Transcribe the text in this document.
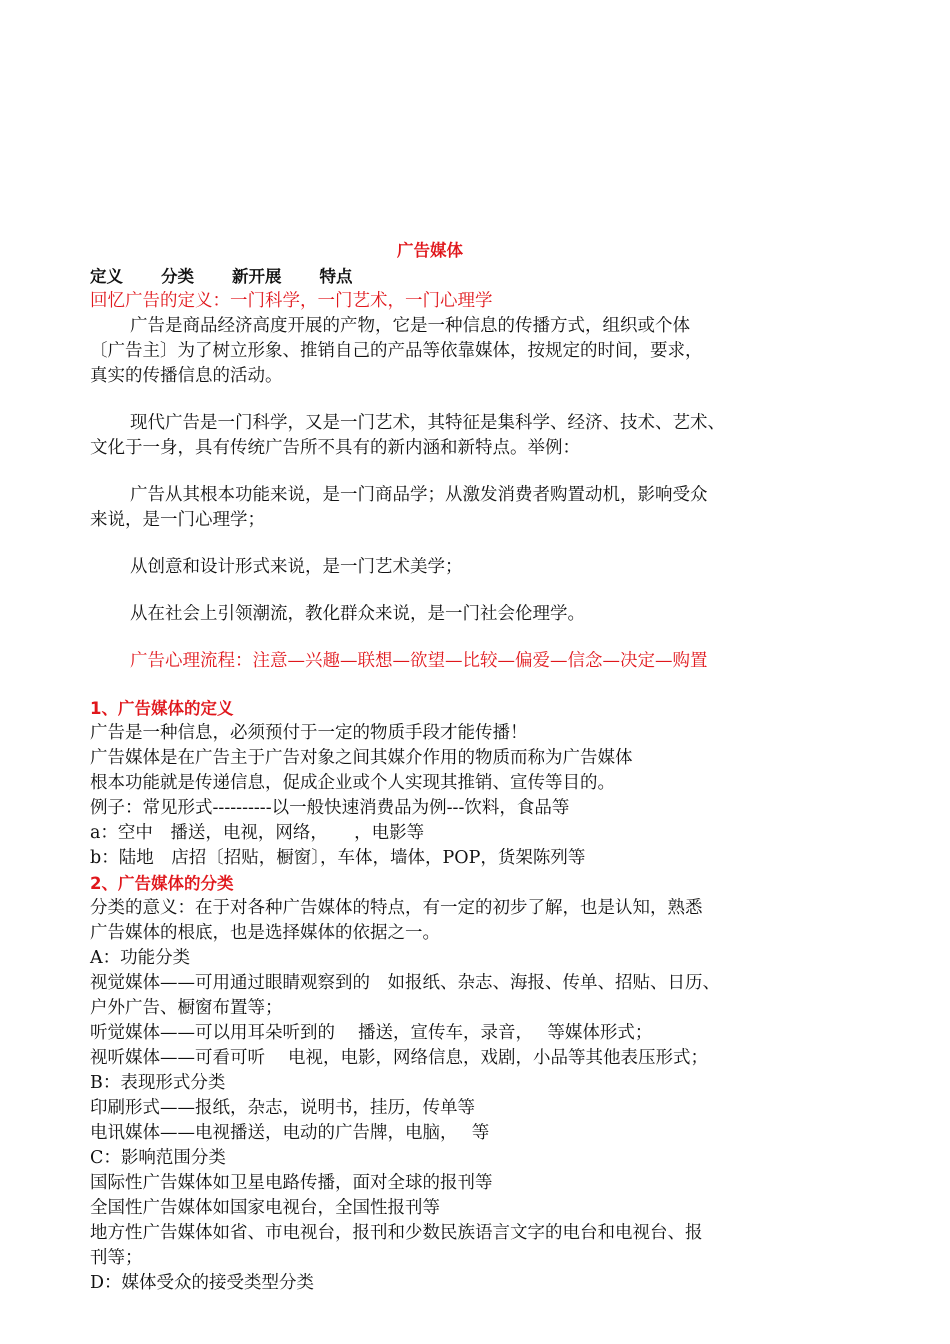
广告媒体
定义 分类 新开展 特点
回忆广告的定义：一门科学，一门艺术，一门心理学
广告是商品经济高度开展的产物，它是一种信息的传播方式，组织或个体
〔广告主〕为了树立形象、推销自己的产品等依靠媒体，按规定的时间，要求，
真实的传播信息的活动。
现代广告是一门科学，又是一门艺术，其特征是集科学、经济、技术、艺术、
文化于一身，具有传统广告所不具有的新内涵和新特点。举例：
广告从其根本功能来说，是一门商品学；从激发消费者购置动机，影响受众
来说，是一门心理学；
从创意和设计形式来说，是一门艺术美学；
从在社会上引领潮流，教化群众来说，是一门社会伦理学。
广告心理流程：注意—兴趣—联想—欲望—比较—偏爱—信念—决定—购置
1、广告媒体的定义
广告是一种信息，必须预付于一定的物质手段才能传播！
广告媒体是在广告主于广告对象之间其媒介作用的物质而称为广告媒体
根本功能就是传递信息，促成企业或个人实现其推销、宣传等目的。
例子：常见形式----------以一般快速消费品为例---饮料，食品等
a：空中　播送，电视，网络，　　，电影等
b：陆地　店招〔招贴，橱窗〕，车体，墙体，POP，货架陈列等
2、广告媒体的分类
分类的意义：在于对各种广告媒体的特点，有一定的初步了解，也是认知，熟悉
广告媒体的根底，也是选择媒体的依据之一。
A：功能分类
视觉媒体——可用通过眼睛观察到的　如报纸、杂志、海报、传单、招贴、日历、
户外广告、橱窗布置等；
听觉媒体——可以用耳朵听到的　 播送，宣传车，录音，　 等媒体形式；
视听媒体——可看可听　 电视，电影，网络信息，戏剧，小品等其他表压形式；
B：表现形式分类
印刷形式——报纸，杂志，说明书，挂历，传单等
电讯媒体——电视播送，电动的广告牌，电脑，　 等
C：影响范围分类
国际性广告媒体如卫星电路传播，面对全球的报刊等
全国性广告媒体如国家电视台，全国性报刊等
地方性广告媒体如省、市电视台，报刊和少数民族语言文字的电台和电视台、报
刊等；
D：媒体受众的接受类型分类
